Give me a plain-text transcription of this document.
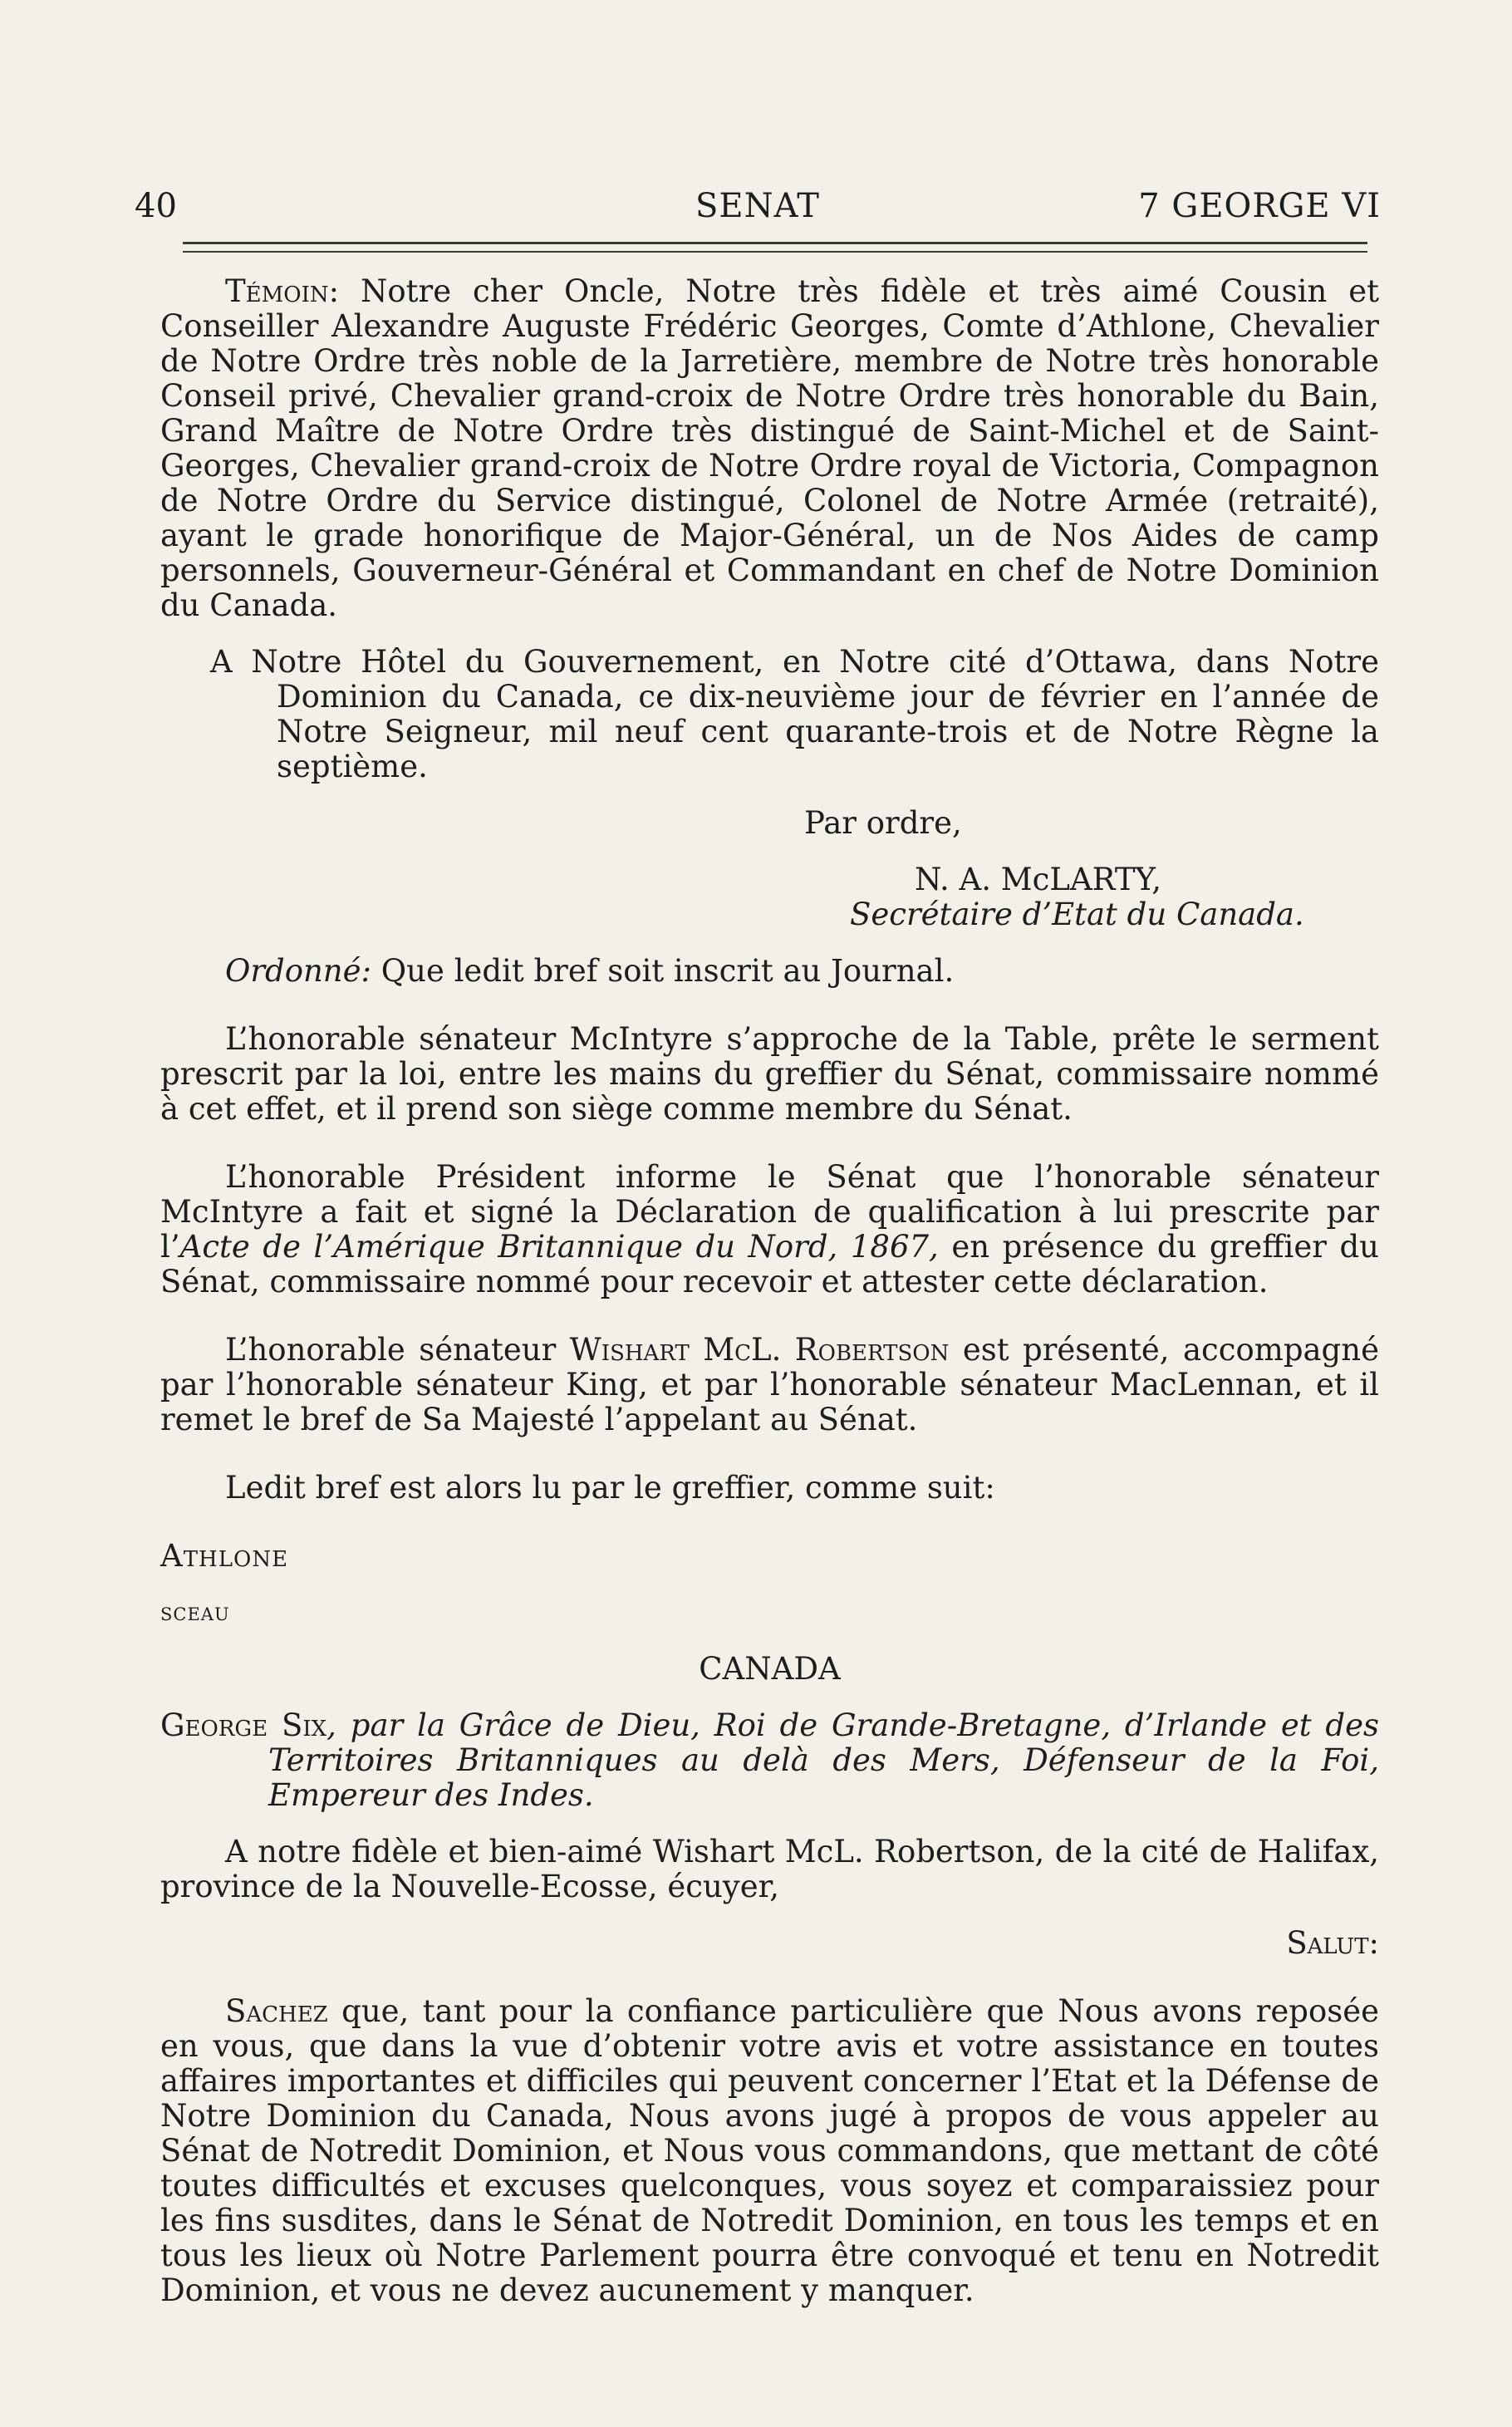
40	SENAT	7 GEORGE VI

Témoin: Notre cher Oncle, Notre très fidèle et très aimé Cousin et Conseiller Alexandre Auguste Frédéric Georges, Comte d’Athlone, Chevalier de Notre Ordre très noble de la Jarretière, membre de Notre très honorable Conseil privé, Chevalier grand-croix de Notre Ordre très honorable du Bain, Grand Maître de Notre Ordre très distingué de Saint-Michel et de Saint-Georges, Chevalier grand-croix de Notre Ordre royal de Victoria, Compagnon de Notre Ordre du Service distingué, Colonel de Notre Armée (retraité), ayant le grade honorifique de Major-Général, un de Nos Aides de camp personnels, Gouverneur-Général et Commandant en chef de Notre Dominion du Canada.

A Notre Hôtel du Gouvernement, en Notre cité d’Ottawa, dans Notre Dominion du Canada, ce dix-neuvième jour de février en l’année de Notre Seigneur, mil neuf cent quarante-trois et de Notre Règne la septième.

Par ordre,

N. A. McLARTY,

Secrétaire d’Etat du Canada.

Ordonné: Que ledit bref soit inscrit au Journal.

L’honorable sénateur McIntyre s’approche de la Table, prête le serment prescrit par la loi, entre les mains du greffier du Sénat, commissaire nommé à cet effet, et il prend son siège comme membre du Sénat.

L’honorable Président informe le Sénat que l’honorable sénateur McIntyre a fait et signé la Déclaration de qualification à lui prescrite par l’Acte de l’Amérique Britannique du Nord, 1867, en présence du greffier du Sénat, commissaire nommé pour recevoir et attester cette déclaration.

L’honorable sénateur Wishart McL. Robertson est présenté, accompagné par l’honorable sénateur King, et par l’honorable sénateur MacLennan, et il remet le bref de Sa Majesté l’appelant au Sénat.

Ledit bref est alors lu par le greffier, comme suit:

Athlone

sceau

CANADA

George Six, par la Grâce de Dieu, Roi de Grande-Bretagne, d’Irlande et des Territoires Britanniques au delà des Mers, Défenseur de la Foi, Empereur des Indes.

A notre fidèle et bien-aimé Wishart McL. Robertson, de la cité de Halifax, province de la Nouvelle-Ecosse, écuyer,

Salut:

Sachez que, tant pour la confiance particulière que Nous avons reposée en vous, que dans la vue d’obtenir votre avis et votre assistance en toutes affaires importantes et difficiles qui peuvent concerner l’Etat et la Défense de Notre Dominion du Canada, Nous avons jugé à propos de vous appeler au Sénat de Notredit Dominion, et Nous vous commandons, que mettant de côté toutes difficultés et excuses quelconques, vous soyez et comparaissiez pour les fins susdites, dans le Sénat de Notredit Dominion, en tous les temps et en tous les lieux où Notre Parlement pourra être convoqué et tenu en Notredit Dominion, et vous ne devez aucunement y manquer.
